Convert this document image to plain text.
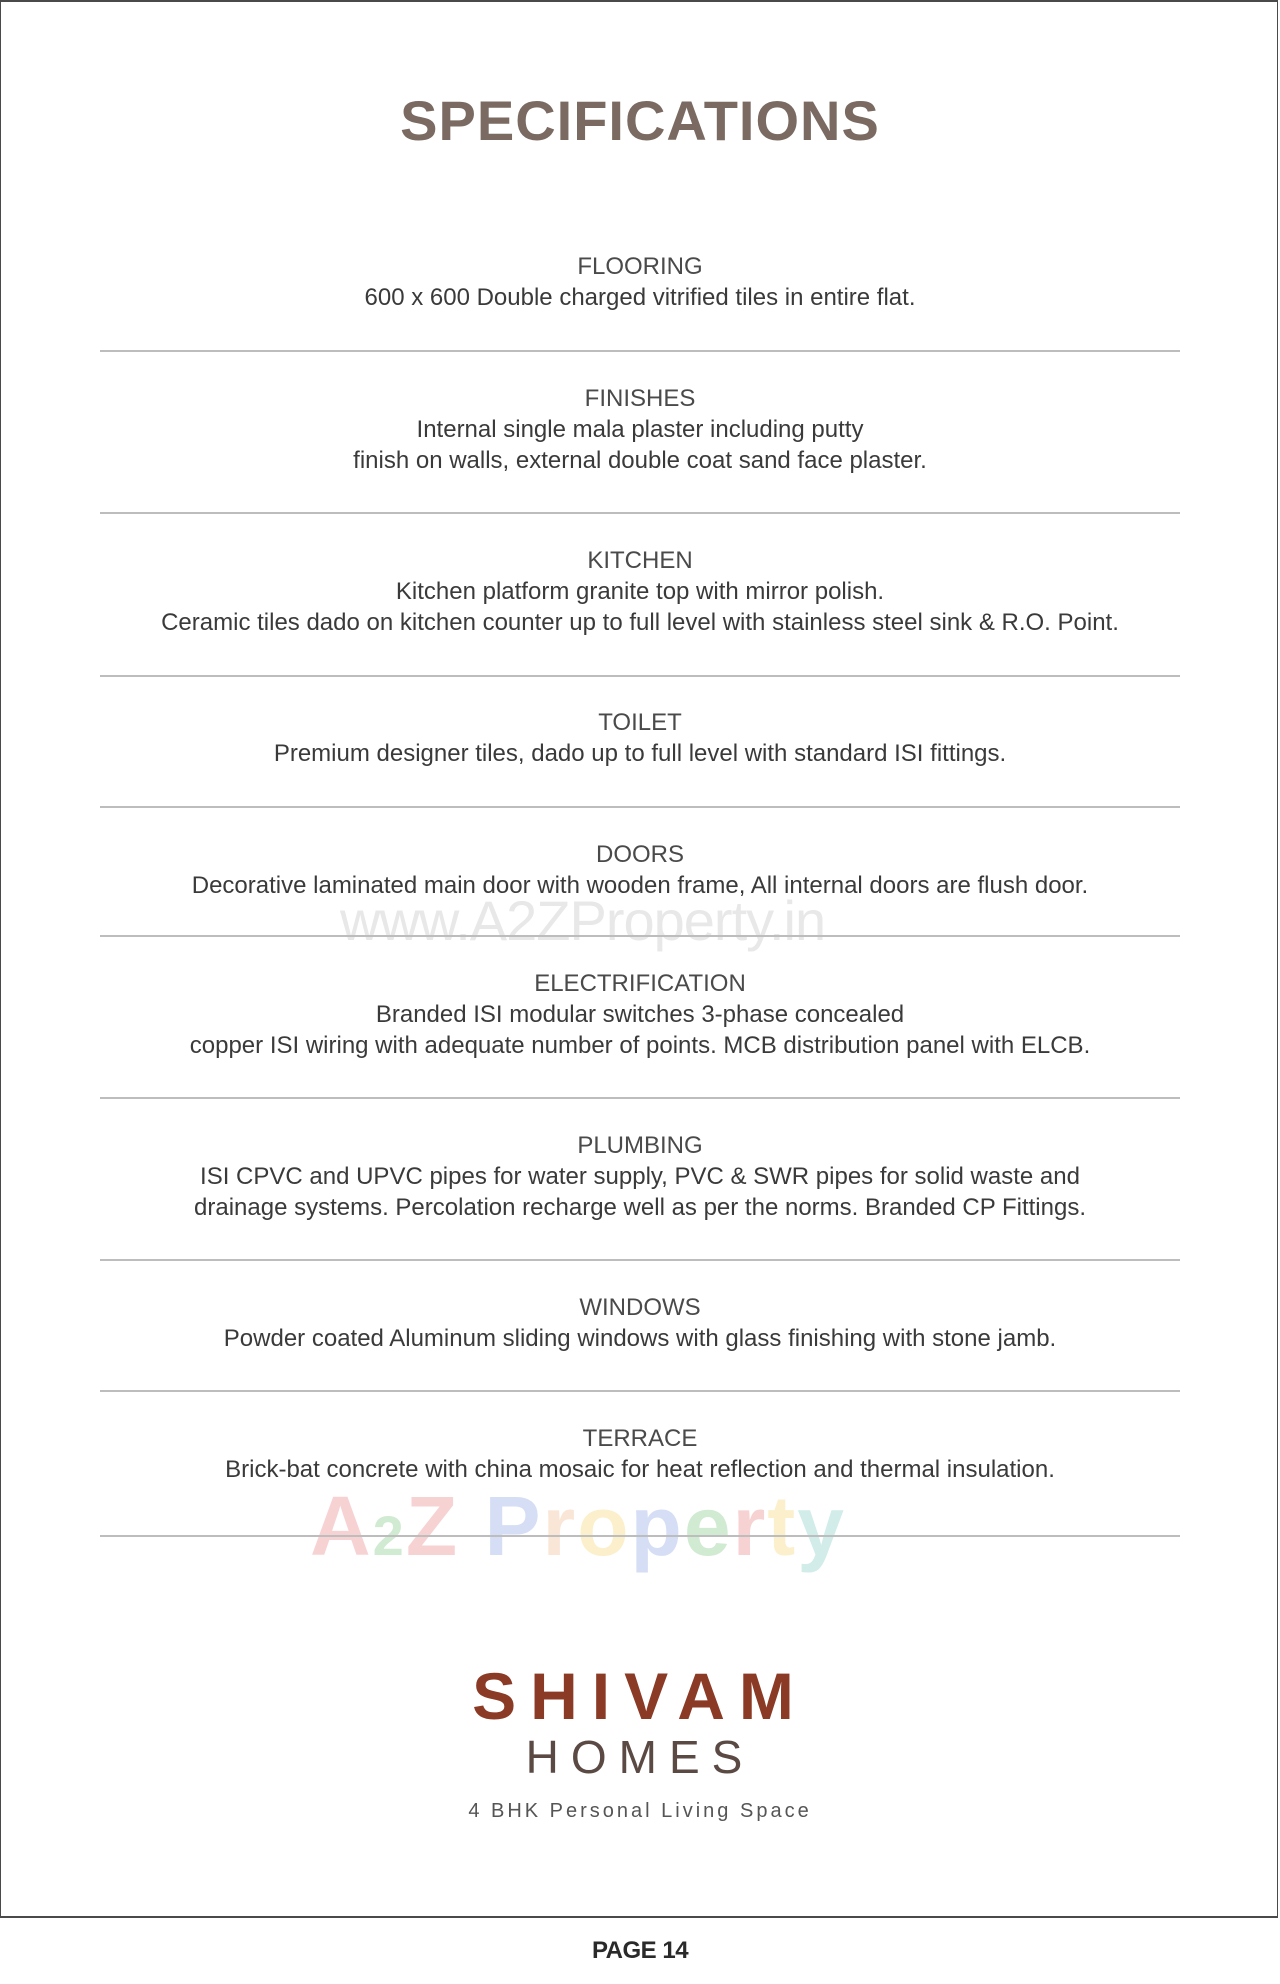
SPECIFICATIONS
FLOORING
600 x 600 Double charged vitrified tiles in entire flat.
FINISHES
Internal single mala plaster including putty
finish on walls, external double coat sand face plaster.
KITCHEN
Kitchen platform granite top with mirror polish.
Ceramic tiles dado on kitchen counter up to full level with stainless steel sink & R.O. Point.
TOILET
Premium designer tiles, dado up to full level with standard ISI fittings.
DOORS
Decorative laminated main door with wooden frame, All internal doors are flush door.
www.A2ZProperty.in
ELECTRIFICATION
Branded ISI modular switches 3-phase concealed
copper ISI wiring with adequate number of points. MCB distribution panel with ELCB.
PLUMBING
ISI CPVC and UPVC pipes for water supply, PVC & SWR pipes for solid waste and
drainage systems. Percolation recharge well as per the norms. Branded CP Fittings.
WINDOWS
Powder coated Aluminum sliding windows with glass finishing with stone jamb.
TERRACE
Brick-bat concrete with china mosaic for heat reflection and thermal insulation.
A2Z Property
SHIVAM
HOMES
4 BHK Personal Living Space
PAGE 14
